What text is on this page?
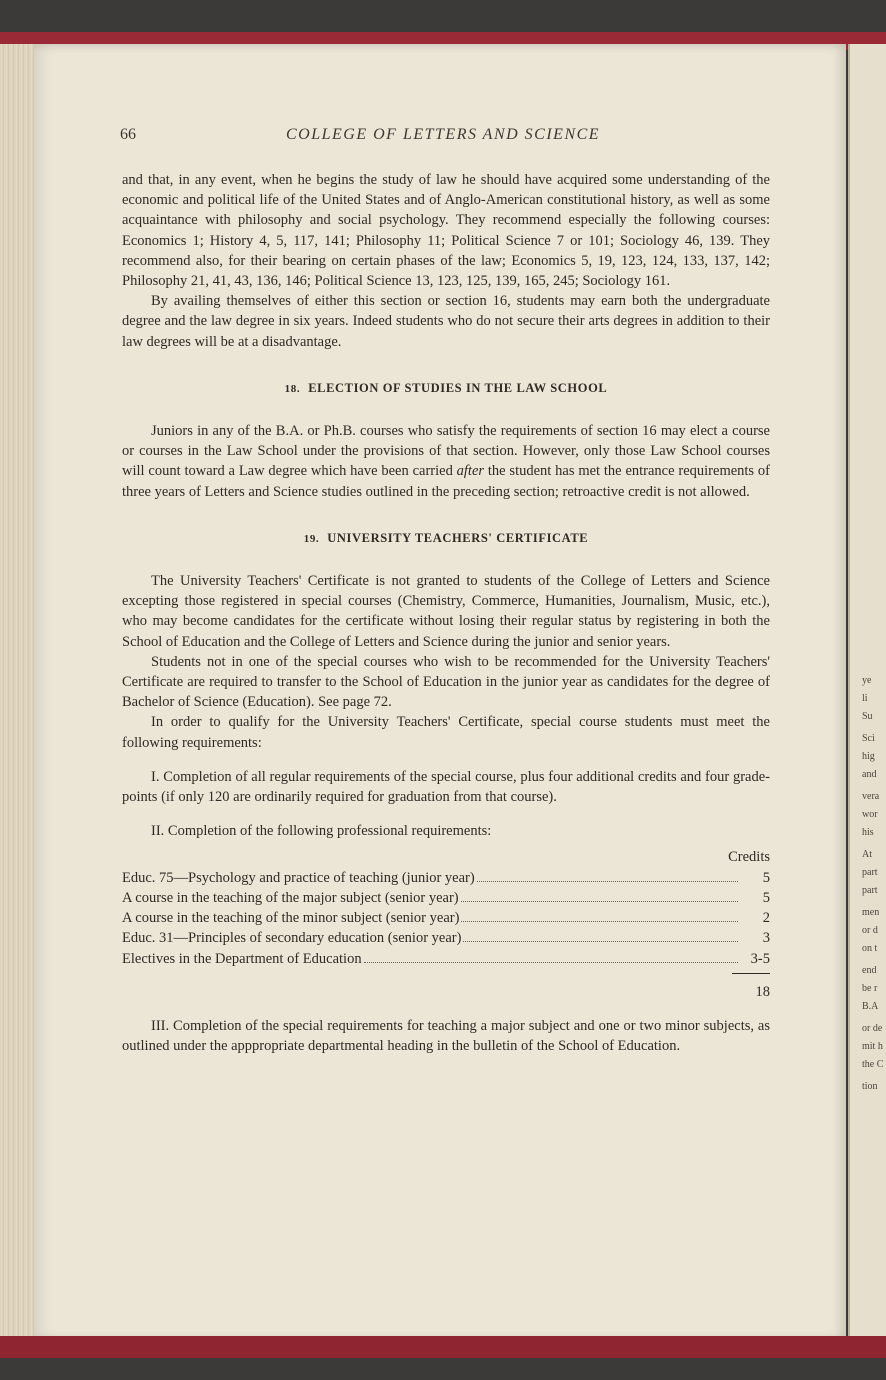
ye
li
Su
Sci
hig
and
vera
wor
his
At
part
part
men
or d
on t
end
be r
B.A
or de
mit h
the C
tion
66	COLLEGE OF LETTERS AND SCIENCE

and that, in any event, when he begins the study of law he should have acquired some understanding of the economic and political life of the United States and of Anglo-American constitutional history, as well as some acquaintance with philosophy and social psychology. They recommend especially the following courses: Economics 1; History 4, 5, 117, 141; Philosophy 11; Political Science 7 or 101; Sociology 46, 139. They recommend also, for their bearing on certain phases of the law; Economics 5, 19, 123, 124, 133, 137, 142; Philosophy 21, 41, 43, 136, 146; Political Science 13, 123, 125, 139, 165, 245; Sociology 161.

By availing themselves of either this section or section 16, students may earn both the undergraduate degree and the law degree in six years. Indeed students who do not secure their arts degrees in addition to their law degrees will be at a disadvantage.

18. ELECTION OF STUDIES IN THE LAW SCHOOL

Juniors in any of the B.A. or Ph.B. courses who satisfy the requirements of section 16 may elect a course or courses in the Law School under the provisions of that section. However, only those Law School courses will count toward a Law degree which have been carried after the student has met the entrance requirements of three years of Letters and Science studies outlined in the preceding section; retroactive credit is not allowed.

19. UNIVERSITY TEACHERS' CERTIFICATE

The University Teachers' Certificate is not granted to students of the College of Letters and Science excepting those registered in special courses (Chemistry, Commerce, Humanities, Journalism, Music, etc.), who may become candidates for the certificate without losing their regular status by registering in both the School of Education and the College of Letters and Science during the junior and senior years.

Students not in one of the special courses who wish to be recommended for the University Teachers' Certificate are required to transfer to the School of Education in the junior year as candidates for the degree of Bachelor of Science (Education). See page 72.

In order to qualify for the University Teachers' Certificate, special course students must meet the following requirements:

I. Completion of all regular requirements of the special course, plus four additional credits and four grade-points (if only 120 are ordinarily required for graduation from that course).

II. Completion of the following professional requirements:

Credits
Educ. 75—Psychology and practice of teaching (junior year)	5

A course in the teaching of the major subject (senior year)	5

A course in the teaching of the minor subject (senior year)	2

Educ. 31—Principles of secondary education (senior year)	3

Electives in the Department of Education	3-5
18

III. Completion of the special requirements for teaching a major subject and one or two minor subjects, as outlined under the apppropriate departmental heading in the bulletin of the School of Education.
